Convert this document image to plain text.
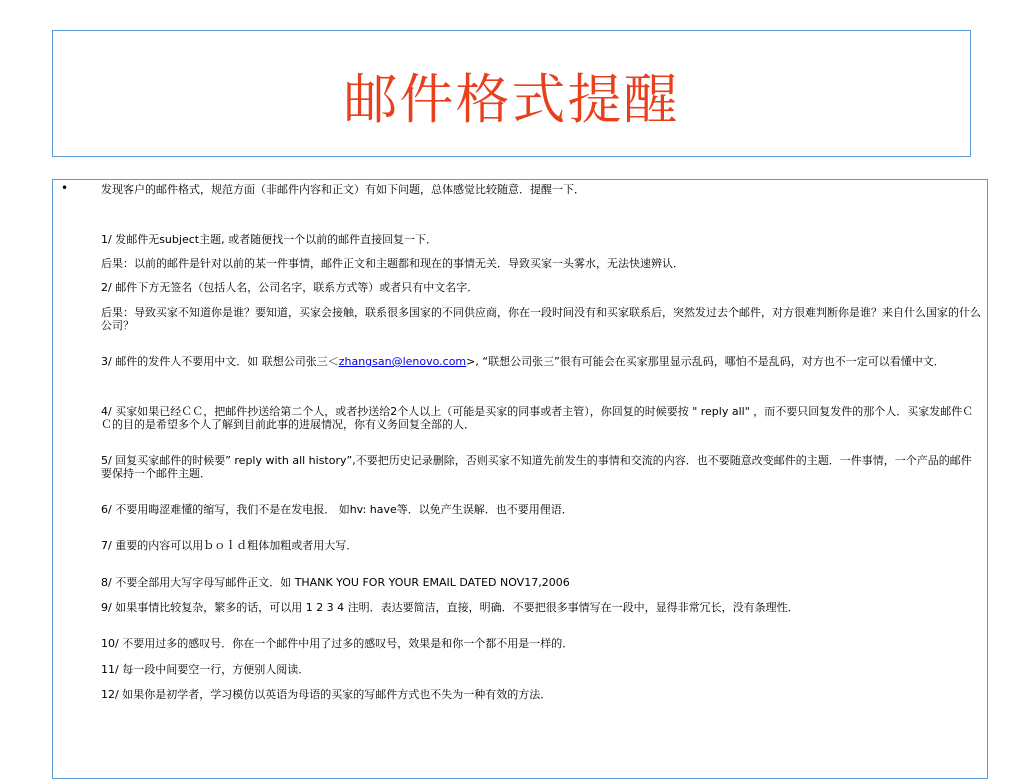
邮件格式提醒
•	发现客户的邮件格式，规范方面（非邮件内容和正文）有如下问题，总体感觉比较随意．提醒一下．
1/ 发邮件无subject主题, 或者随便找一个以前的邮件直接回复一下．
后果：以前的邮件是针对以前的某一件事情，邮件正文和主题都和现在的事情无关．导致买家一头雾水，无法快速辨认．
2/ 邮件下方无签名（包括人名，公司名字，联系方式等）或者只有中文名字．
后果：导致买家不知道你是谁？要知道，买家会接触，联系很多国家的不同供应商，你在一段时间没有和买家联系后，突然发过去个邮件，对方很难判断你是谁？来自什么国家的什么公司？
3/ 邮件的发件人不要用中文．如 联想公司张三＜zhangsan@lenovo.com>, “联想公司张三”很有可能会在买家那里显示乱码，哪怕不是乱码，对方也不一定可以看懂中文．
4/ 买家如果已经ＣＣ，把邮件抄送给第二个人，或者抄送给2个人以上（可能是买家的同事或者主管），你回复的时候要按 " reply all" ，而不要只回复发件的那个人．买家发邮件ＣＣ的目的是希望多个人了解到目前此事的进展情况，你有义务回复全部的人．
5/ 回复买家邮件的时候要” reply with all history”,不要把历史记录删除，否则买家不知道先前发生的事情和交流的内容．也不要随意改变邮件的主题．一件事情，一个产品的邮件要保持一个邮件主题．
6/ 不要用晦涩难懂的缩写，我们不是在发电报． 如hv: have等．以免产生误解．也不要用俚语．
7/ 重要的内容可以用ｂｏｌｄ粗体加粗或者用大写．
8/ 不要全部用大写字母写邮件正文．如 THANK YOU FOR YOUR EMAIL DATED NOV17,2006
9/ 如果事情比较复杂，繁多的话，可以用 1 2 3 4 注明．表达要简洁，直接，明确．不要把很多事情写在一段中，显得非常冗长，没有条理性．
10/ 不要用过多的感叹号．你在一个邮件中用了过多的感叹号，效果是和你一个都不用是一样的．
11/ 每一段中间要空一行，方便别人阅读．
12/ 如果你是初学者，学习模仿以英语为母语的买家的写邮件方式也不失为一种有效的方法．
